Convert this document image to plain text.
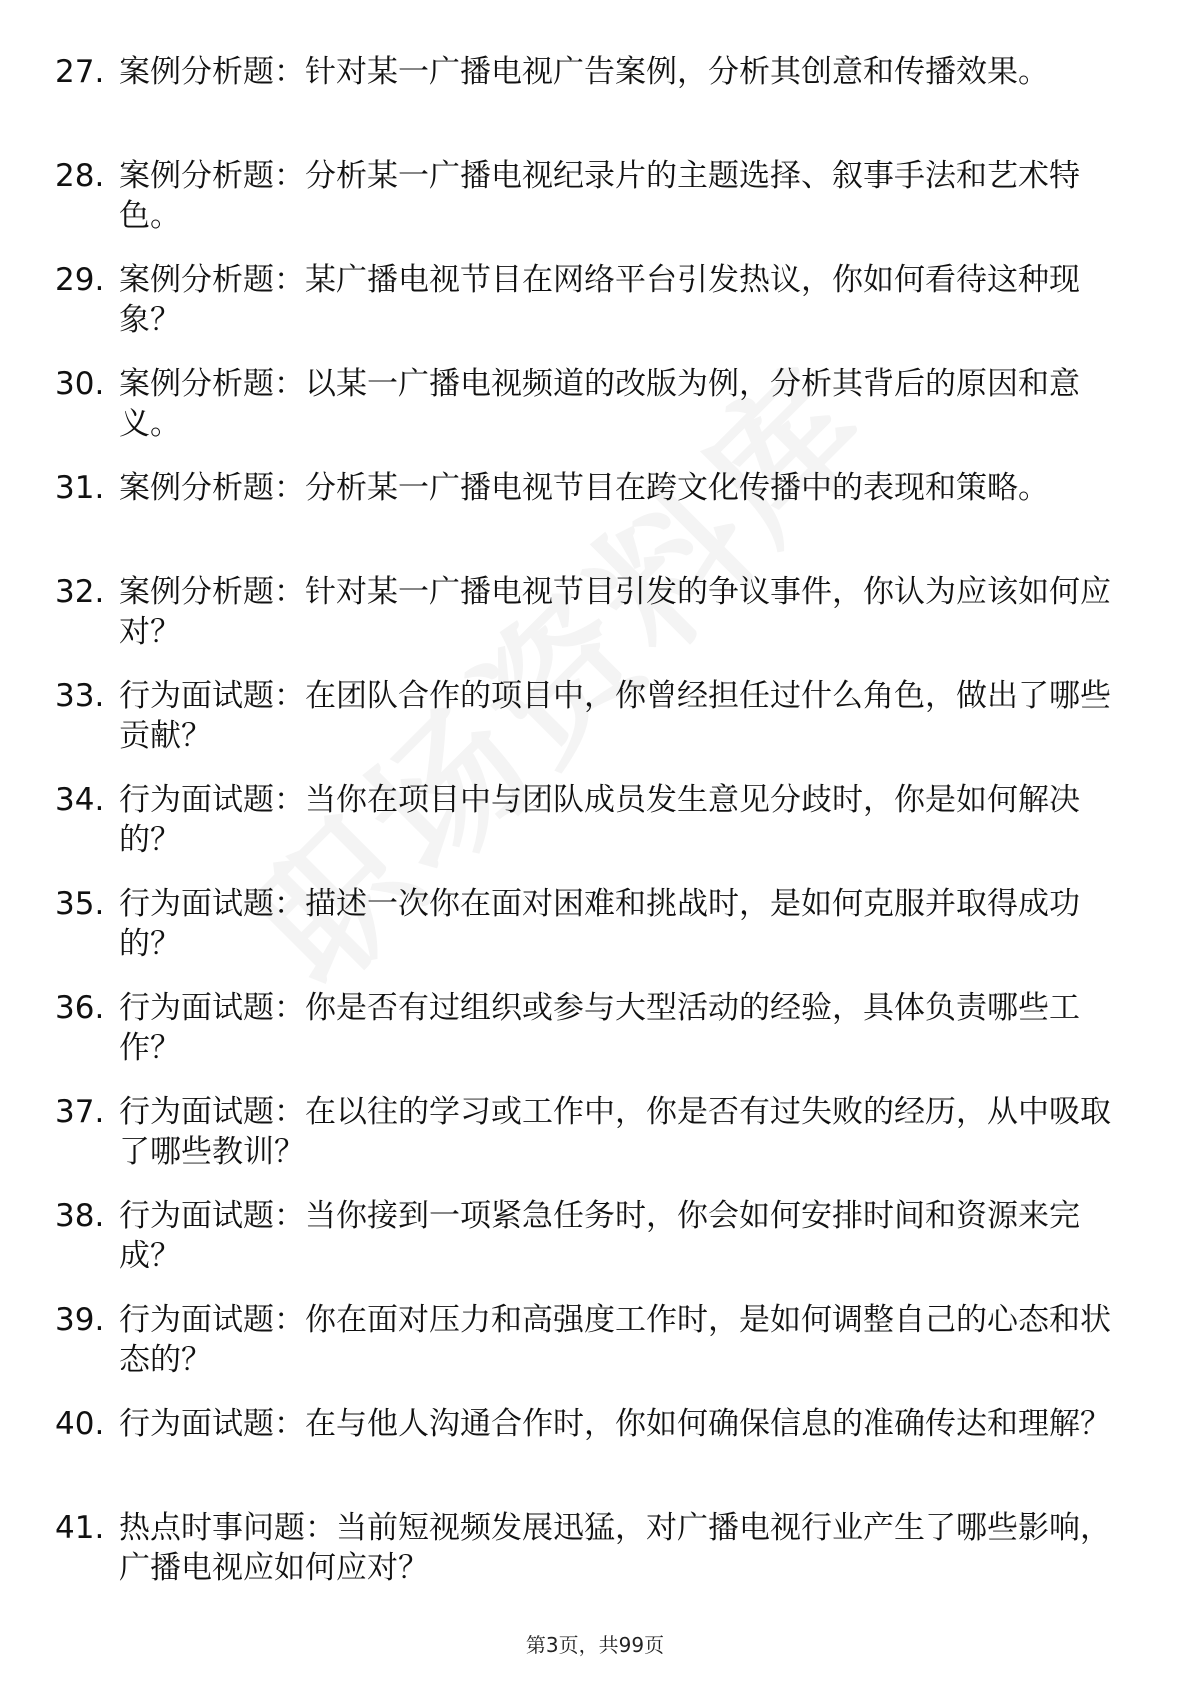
27. 案例分析题：针对某一广播电视广告案例，分析其创意和传播效果。
28. 案例分析题：分析某一广播电视纪录片的主题选择、叙事手法和艺术特色。
29. 案例分析题：某广播电视节目在网络平台引发热议，你如何看待这种现象？
30. 案例分析题：以某一广播电视频道的改版为例，分析其背后的原因和意义。
31. 案例分析题：分析某一广播电视节目在跨文化传播中的表现和策略。
32. 案例分析题：针对某一广播电视节目引发的争议事件，你认为应该如何应对？
33. 行为面试题：在团队合作的项目中，你曾经担任过什么角色，做出了哪些贡献？
34. 行为面试题：当你在项目中与团队成员发生意见分歧时，你是如何解决的？
35. 行为面试题：描述一次你在面对困难和挑战时，是如何克服并取得成功的？
36. 行为面试题：你是否有过组织或参与大型活动的经验，具体负责哪些工作？
37. 行为面试题：在以往的学习或工作中，你是否有过失败的经历，从中吸取了哪些教训？
38. 行为面试题：当你接到一项紧急任务时，你会如何安排时间和资源来完成？
39. 行为面试题：你在面对压力和高强度工作时，是如何调整自己的心态和状态的？
40. 行为面试题：在与他人沟通合作时，你如何确保信息的准确传达和理解？
41. 热点时事问题：当前短视频发展迅猛，对广播电视行业产生了哪些影响，广播电视应如何应对？
第3页，共99页
